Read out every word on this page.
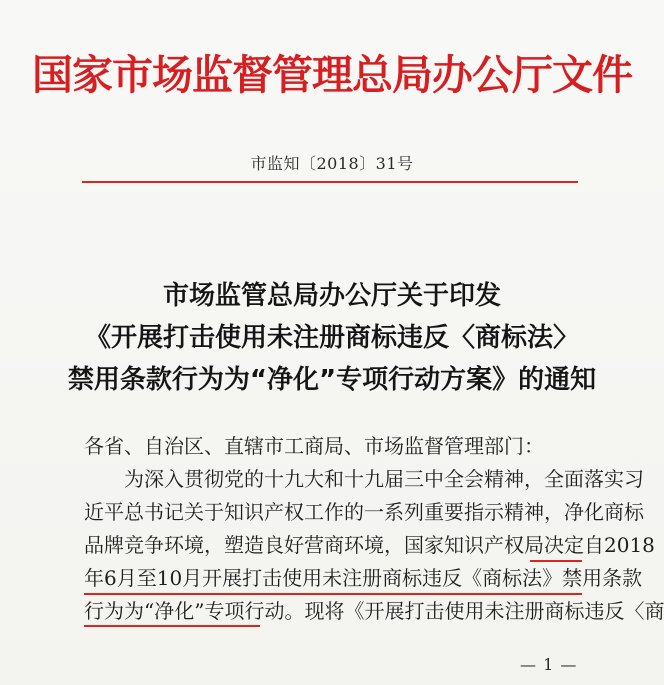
国家市场监督管理总局办公厅文件
市监知〔2018〕31号
市场监管总局办公厅关于印发
《开展打击使用未注册商标违反〈商标法〉
禁用条款行为为“净化”专项行动方案》的通知
各省、自治区、直辖市工商局、市场监督管理部门：
为深入贯彻党的十九大和十九届三中全会精神，全面落实习
近平总书记关于知识产权工作的一系列重要指示精神，净化商标
品牌竞争环境，塑造良好营商环境，国家知识产权局决定自2018
年6月至10月开展打击使用未注册商标违反《商标法》禁用条款
行为为“净化”专项行动。现将《开展打击使用未注册商标违反〈商
— 1 —
